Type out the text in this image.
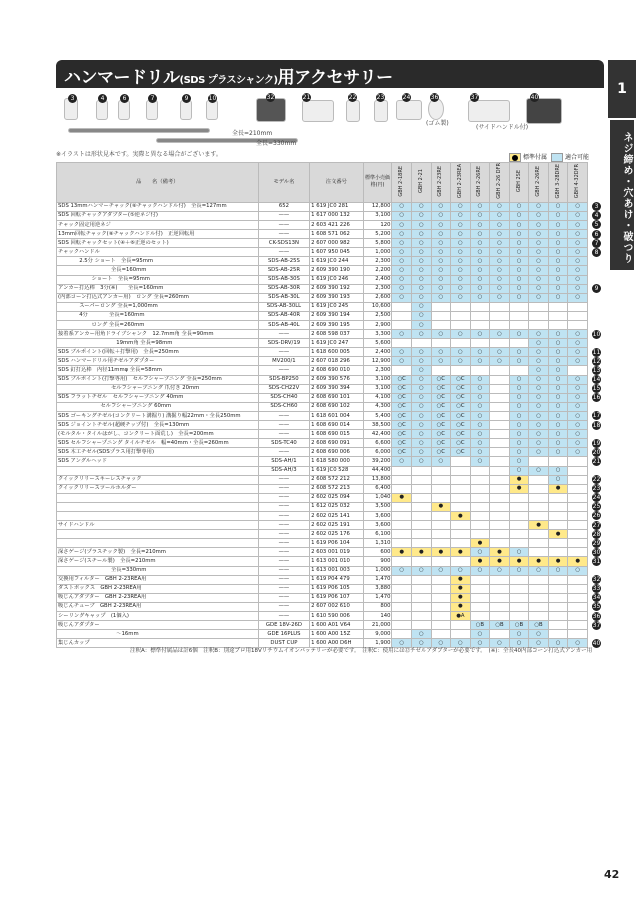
ハンマードリル(SDS プラスシャンク)用アクセサリー
1
ネジ締め・穴あけ・破つり
3	4	6	7	9	10	32	21	22	23	24	36	37	40
全長=210mm
全長=330mm
(ゴム製)
(サイドハンドル付)
※イラストは形状見本です。実際と異なる場合がございます。	標準付属	適合可能
品　　名（備考）	モデル名	注文番号	標準小売価格(円)	GBH 2-18RE	GBH 2-21	GBH 2-23RE	GBH 2-23REA	GBH 2-26RE	GBH 2-26 DFR	GBH 2SE	GBH 2-26RE	GBH 3-28DRE	GBH 4-32DFR
SDS 13mmハンマーチャック(⑧チャックハンドル付)　全長=127mm	652	1 619 JC0 281	12,800	○	○	○	○	○	○	○	○	○	○
SDS 回転チャックアダプター(⑤逆ネジ付)	——	1 617 000 132	3,100	○	○	○	○	○	○	○	○	○	○
チャック固定用逆ネジ	——	2 603 421 226	120	○	○	○	○	○	○	○	○	○	○
13mm回転チャック(⑧チャックハンドル付)　正逆回転用	——	1 608 571 062	5,200	○	○	○	○	○	○	○	○	○	○
SDS 回転チャックセット(④＋⑥正逆のセット)	CK-SDS13N	2 607 000 982	5,800	○	○	○	○	○	○	○	○	○	○
チャックハンドル	——	1 607 950 045	1,000	○	○	○	○	○	○	○	○	○	○
　　　　2.5分 ショート　全長=95mm	SDS-AB-25S	1 619 JC0 244	2,300	○	○	○	○	○	○	○	○	○	○
　　　　　　　　　　全長=160mm	SDS-AB-25R	2 609 390 190	2,200	○	○	○	○	○	○	○	○	○	○
　　　　　　 ショート　全長=95mm	SDS-AB-30S	1 619 JC0 246	2,400	○	○	○	○	○	○	○	○	○	○
アンカー打込棒　3分(※)　　全長=160mm	SDS-AB-30R	2 609 390 192	2,300	○	○	○	○	○	○	○	○	○	○
(内部コーン打込式アンカー用)　ロング 全長=260mm	SDS-AB-30L	2 609 390 193	2,600	○	○	○	○	○	○	○	○	○	○
　　　　スーパーロング 全長=1,000mm	SDS-AB-30LL	1 619 JC0 245	10,600		○								
　　　　4分　　　　全長=160mm	SDS-AB-40R	2 609 390 194	2,500		○								
　　　　　　 ロング 全長=260mm	SDS-AB-40L	2 609 390 195	2,900		○								
接着系アンカー用角ドライブシャンク　12.7mm角 全長=90mm	——	2 608 598 037	3,300	○	○	○	○	○	○	○	○	○	○
　　　　　　　　　　　19mm角 全長=98mm	SDS-DRV/19	1 619 JC0 247	5,600								○	○	○
SDS ブルポイント(回転＋打撃用)　全長=250mm	——	1 618 600 005	2,400	○	○	○	○	○	○	○	○	○	○
SDS ハンマードリル用チゼルアダプター	MV200/1	2 607 018 296	12,900	○	○	○	○	○	○	○	○	○	○
SDS 釘打込棒　内径11mmφ 全長=58mm	——	2 608 690 010	2,300		○						○	○	
SDS ブルポイント(打撃専用)　セルフシャープニング 全長=250mm	SDS-BP250	2 609 390 576	3,100	○C	○	○C	○C	○		○	○	○	○
　　　　　　　　　　セルフシャープニング 爪付き 20mm	SDS-CH22V	2 609 390 394	3,100	○C	○	○C	○C	○		○	○	○	○
SDS フラットチゼル　セルフシャープニング 40mm	SDS-CH40	2 608 690 101	4,100	○C	○	○C	○C	○		○	○	○	○
　　　　　　　　セルフシャープニング 60mm	SDS-CH60	2 608 690 102	4,300	○C	○	○C	○C	○		○	○	○	○
SDS ゴーキングチゼル(コンクリート溝掘り) 溝掘り幅22mm・全長250mm	——	1 618 601 004	5,400	○C	○	○C	○C	○		○	○	○	○
SDS ジョイントチゼル(超硬チップ付)　全長=130mm	——	1 608 690 014	38,500	○C	○	○C	○C	○		○	○	○	○
(モルタル・タイルはがし、コンクリート面荒し)　全長=200mm	——	1 608 690 015	42,400	○C	○	○C	○C	○		○	○	○	○
SDS セルフシャープニング タイルチゼル　幅=40mm・全長=260mm	SDS-TC40	2 608 690 091	6,600	○C	○	○C	○C	○		○	○	○	○
SDS 木工チゼル(SDSプラス用打撃専用)	——	2 608 690 006	6,000	○C	○	○C	○C	○		○	○	○	○
SDS アングルヘッド	SDS-AH/1	1 618 580 000	39,200	○	○	○		○		○			
	SDS-AH/3	1 619 JC0 528	44,400							○	○	○	
クイックリリースキーレスチャック	——	2 608 572 212	13,800							●		○	
クイックリリースツールホルダー	——	2 608 572 213	6,400							●		●	
	——	2 602 025 094	1,040	●									
	——	1 612 025 032	3,500			●							
	——	2 602 025 141	3,600				●						
サイドハンドル	——	2 602 025 191	3,600								●		
	——	2 602 025 176	6,100									●	
	——	1 619 P06 104	1,310					●					
深さゲージ(プラスチック製)　全長=210mm	——	2 603 001 019	600	●	●	●	●	○	●	○			
深さゲージ(スチール製)　全長=210mm	——	1 613 001 010	900					●	●	●	●	●	●
　　　　　　　　　　全長=330mm	——	1 613 001 003	1,000	○	○	○	○	○	○	○	○	○	○
交換用フィルター　GBH 2-23REA用	——	1 619 P04 479	1,470				●						
ダストボックス　GBH 2-23REA用	——	1 619 P06 105	3,880				●						
吸じんアダプター　GBH 2-23REA用	——	1 619 P06 107	1,470				●						
吸じんチューブ　GBH 2-23REA用	——	2 607 002 610	800				●						
シーリングキャップ　(1個入)	——	1 610 590 006	140				●A						
吸じんアダプター	GDE 18V-26D	1 600 A01 V64	21,000					○B	○B	○B	○B		
　　　　　　　　　　　～16mm	GDE 16PLUS	1 600 A00 15Z	9,000		○			○		○	○		
集じんカップ	DUST CUP	1 600 A00 D6H	1,900	○	○	○	○	○	○	○	○	○	○
注釈A：標準付属品は計6個　注釈B：別途プロ用18Vリチウムイオンバッテリーが必要です。　注釈C：使用には⑫チゼルアダプターが必要です。　(※)：全長40内部コーン打込式アンカー用
42
3
4
5
6
7
8
9
10
11
12
13
14
15
16
17
18
19
20
21
22
23
24
25
26
27
28
29
30
31
32
33
34
35
36
37
40
